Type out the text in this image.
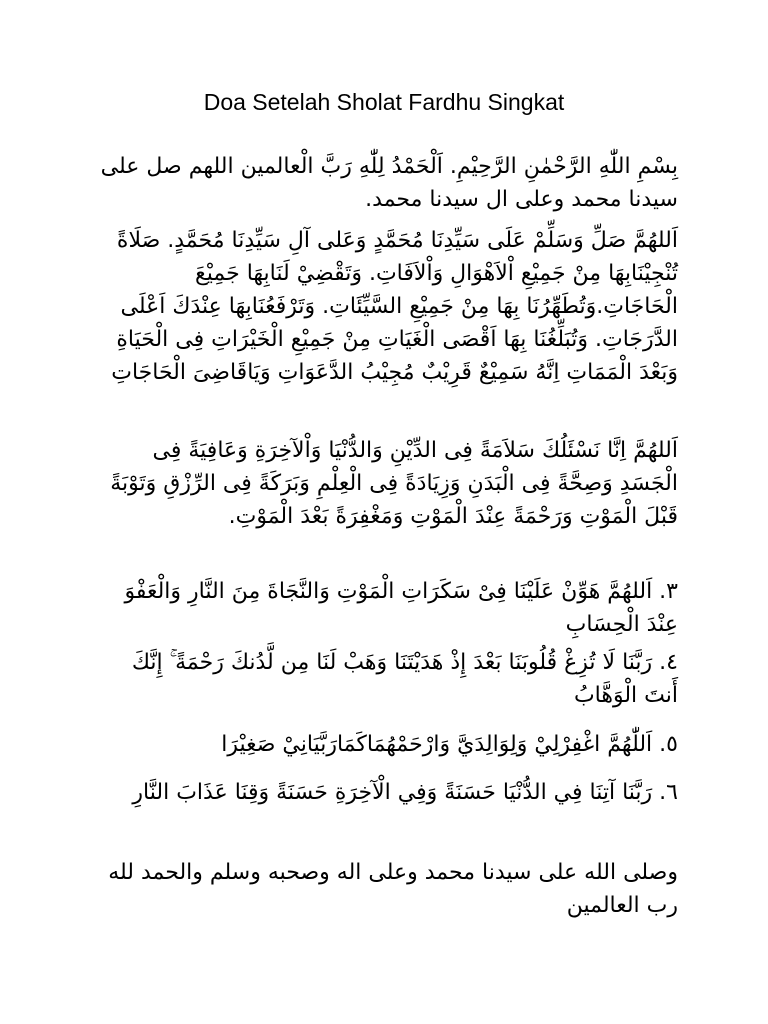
Doa Setelah Sholat Fardhu Singkat

بِسْمِ اللّٰهِ الرَّحْمٰنِ الرَّحِيْمِ. اَلْحَمْدُ لِلّٰهِ رَبَّ الْعالمين اللهم صل على سيدنا محمد وعلى ال سيدنا محمد.

اَللهُمَّ صَلِّ وَسَلِّمْ عَلَى سَيِّدِنَا مُحَمَّدٍ وَعَلى آلِ سَيِّدِنَا مُحَمَّدٍ. صَلَاةً تُنْجِيْنَابِهَا مِنْ جَمِيْعِ اْلاَهْوَالِ وَاْلاَفَاتِ. وَتَقْضِيْ لَنَابِهَا جَمِيْعَ الْحَاجَاتِ.وَتُطَهِّرُنَا بِهَا مِنْ جَمِيْعِ السَّيِّئَاتِ. وَتَرْفَعُنَابِهَا عِنْدَكَ اَعْلَى الدَّرَجَاتِ. وَتُبَلِّغُنَا بِهَا اَقْصَى الْغَيَاتِ مِنْ جَمِيْعِ الْخَيْرَاتِ فِى الْحَيَاةِ وَبَعْدَ الْمَمَاتِ اِنَّهُ سَمِيْعٌ قَرِيْبٌ مُجِيْبُ الدَّعَوَاتِ وَيَاقَاضِىَ الْحَاجَاتِ

اَللهُمَّ اِنَّا نَسْئَلُكَ سَلاَمَةً فِى الدِّيْنِ وَالدُّنْيَا وَاْلآخِرَةِ وَعَافِيَةً فِى الْجَسَدِ وَصِحَّةً فِى الْبَدَنِ وَزِيَادَةً فِى الْعِلْمِ وَبَرَكَةً فِى الرِّزْقِ وَتَوْبَةً قَبْلَ الْمَوْتِ وَرَحْمَةً عِنْدَ الْمَوْتِ وَمَغْفِرَةً بَعْدَ الْمَوْتِ.

٣. اَللهُمَّ هَوِّنْ عَلَيْنَا فِىْ سَكَرَاتِ الْمَوْتِ وَالنَّجَاةَ مِنَ النَّارِ وَالْعَفْوَ عِنْدَ الْحِسَابِ

٤. رَبَّنَا لَا تُزِغْ قُلُوبَنَا بَعْدَ إِذْ هَدَيْتَنَا وَهَبْ لَنَا مِن لَّدُنكَ رَحْمَةً ۚ إِنَّكَ أَنتَ الْوَهَّابُ

٥. اَللّٰهُمَّ اغْفِرْلِيْ وَلِوَالِدَيَّ وَارْحَمْهُمَاكَمَارَبَّيَانِيْ صَغِيْرَا

٦. رَبَّنَا آتِنَا فِي الدُّنْيَا حَسَنَةً وَفِي الْآخِرَةِ حَسَنَةً وَقِنَا عَذَابَ النَّارِ

وصلى الله على سيدنا محمد وعلى اله وصحبه وسلم والحمد لله رب العالمين
